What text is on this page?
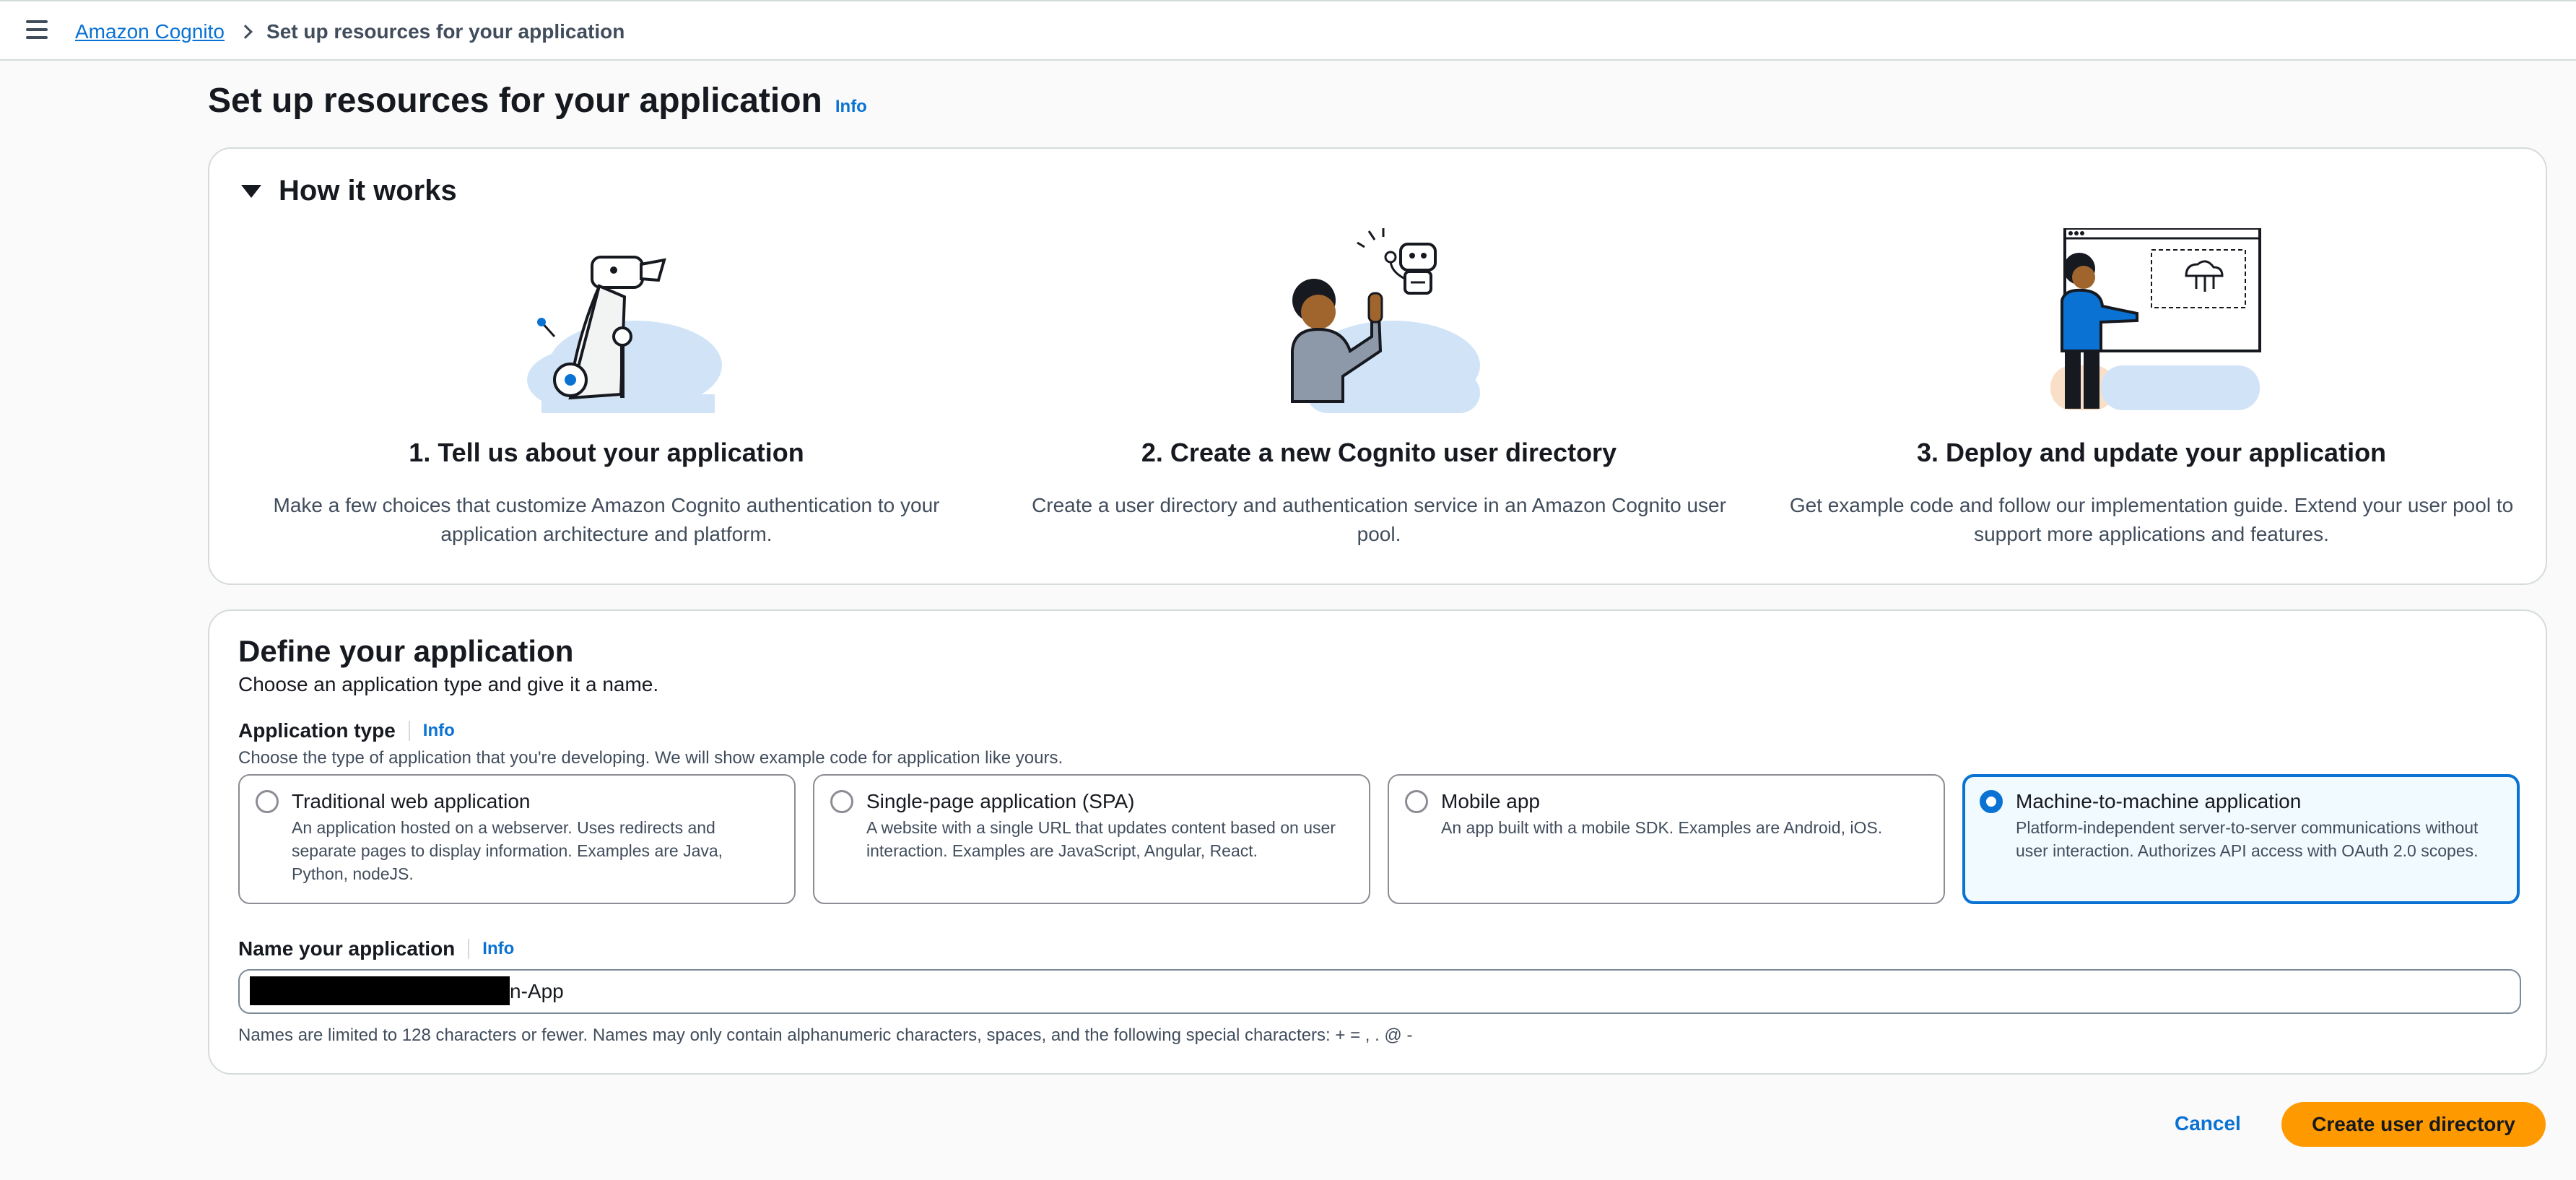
Amazon Cognito Set up resources for your application
Set up resources for your application Info
How it works
1. Tell us about your application
Make a few choices that customize Amazon Cognito authentication to your application architecture and platform.
2. Create a new Cognito user directory
Create a user directory and authentication service in an Amazon Cognito user pool.
3. Deploy and update your application
Get example code and follow our implementation guide. Extend your user pool to support more applications and features.
Define your application
Choose an application type and give it a name.
Application type Info
Choose the type of application that you're developing. We will show example code for application like yours.
Traditional web application
An application hosted on a webserver. Uses redirects and separate pages to display information. Examples are Java, Python, nodeJS.
Single-page application (SPA)
A website with a single URL that updates content based on user interaction. Examples are JavaScript, Angular, React.
Mobile app
An app built with a mobile SDK. Examples are Android, iOS.
Machine-to-machine application
Platform-independent server-to-server communications without user interaction. Authorizes API access with OAuth 2.0 scopes.
Name your application Info
n-App
Names are limited to 128 characters or fewer. Names may only contain alphanumeric characters, spaces, and the following special characters: + = , . @ -
Cancel	Create user directory
